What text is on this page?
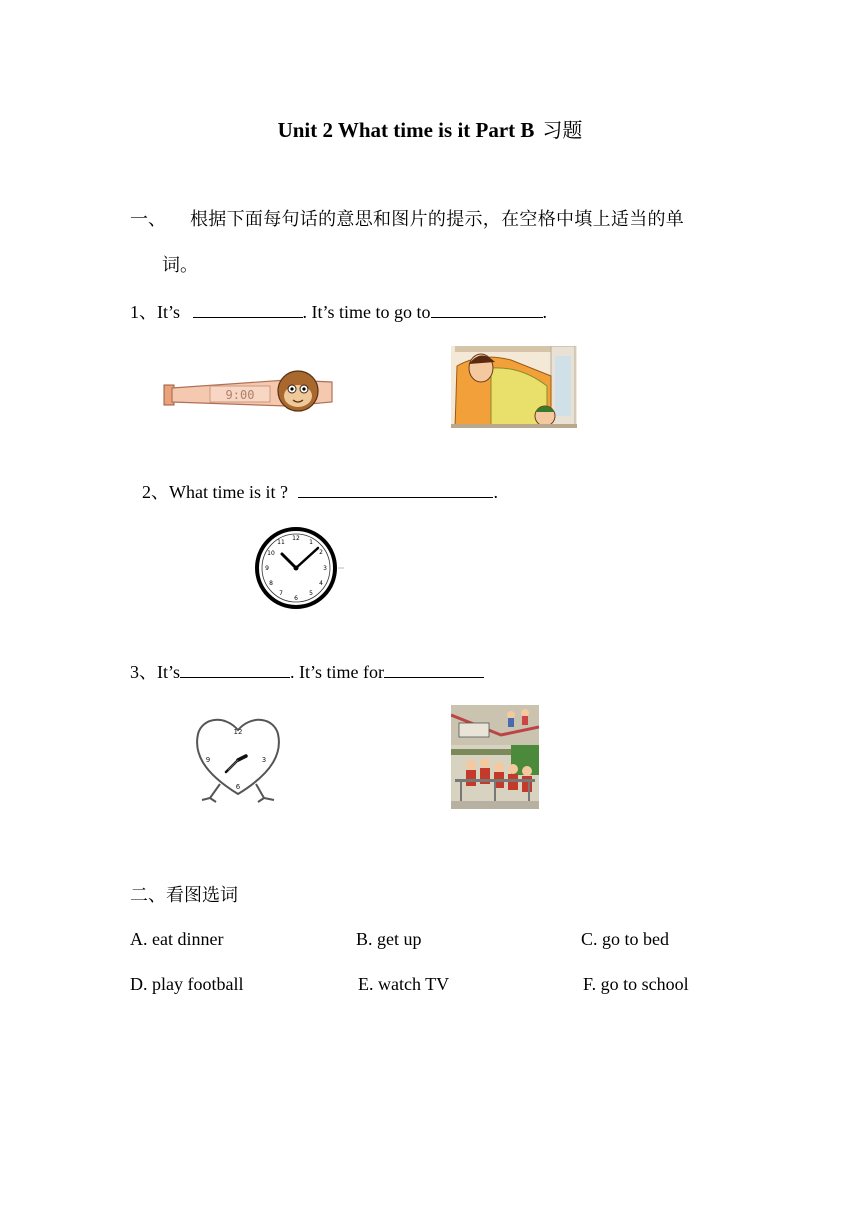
Unit 2 What time is it Part B 习题
一、 根据下面每句话的意思和图片的提示，在空格中填上适当的单
词。
1、It’s	. It’s time to go to	.
9:00
2、What time is it ?	.
12
1
2
3
4
5
6
7
8
9
10
11
3、It’s	. It’s time for
12
3
6
9
二、看图选词
A. eat dinner	B. get up	C. go to bed
D. play football	E. watch TV	F. go to school
